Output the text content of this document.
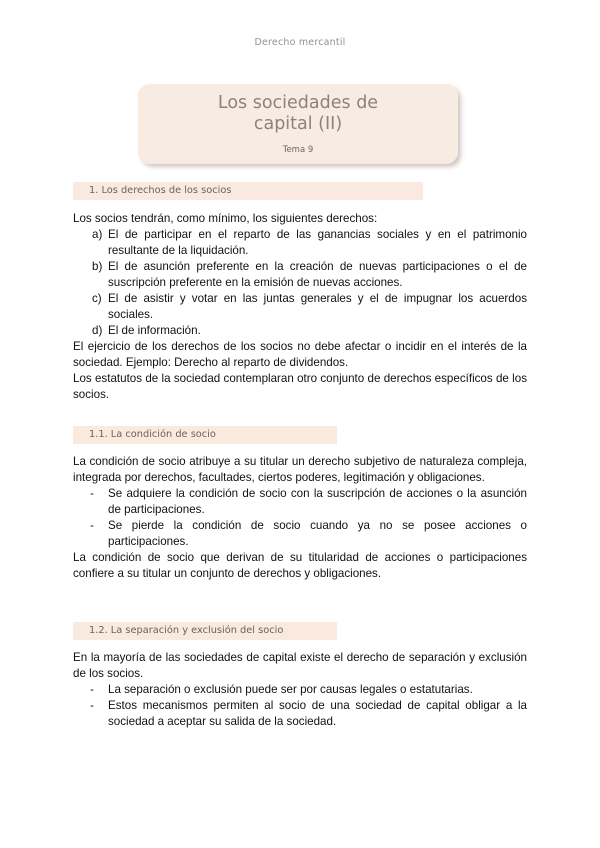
Derecho mercantil
Los sociedades de
capital (II)
Tema 9
1. Los derechos de los socios

Los socios tendrán, como mínimo, los siguientes derechos:

a) El de participar en el reparto de las ganancias sociales y en el patrimonio resultante de la liquidación.
b) El de asunción preferente en la creación de nuevas participaciones o el de suscripción preferente en la emisión de nuevas acciones.
c) El de asistir y votar en las juntas generales y el de impugnar los acuerdos sociales.
d) El de información.

El ejercicio de los derechos de los socios no debe afectar o incidir en el interés de la sociedad. Ejemplo: Derecho al reparto de dividendos.

Los estatutos de la sociedad contemplaran otro conjunto de derechos específicos de los socios.

1.1. La condición de socio

La condición de socio atribuye a su titular un derecho subjetivo de naturaleza compleja, integrada por derechos, facultades, ciertos poderes, legitimación y obligaciones.

- Se adquiere la condición de socio con la suscripción de acciones o la asunción de participaciones.
- Se pierde la condición de socio cuando ya no se posee acciones o participaciones.

La condición de socio que derivan de su titularidad de acciones o participaciones confiere a su titular un conjunto de derechos y obligaciones.

1.2. La separación y exclusión del socio

En la mayoría de las sociedades de capital existe el derecho de separación y exclusión de los socios.

- La separación o exclusión puede ser por causas legales o estatutarias.
- Estos mecanismos permiten al socio de una sociedad de capital obligar a la sociedad a aceptar su salida de la sociedad.
